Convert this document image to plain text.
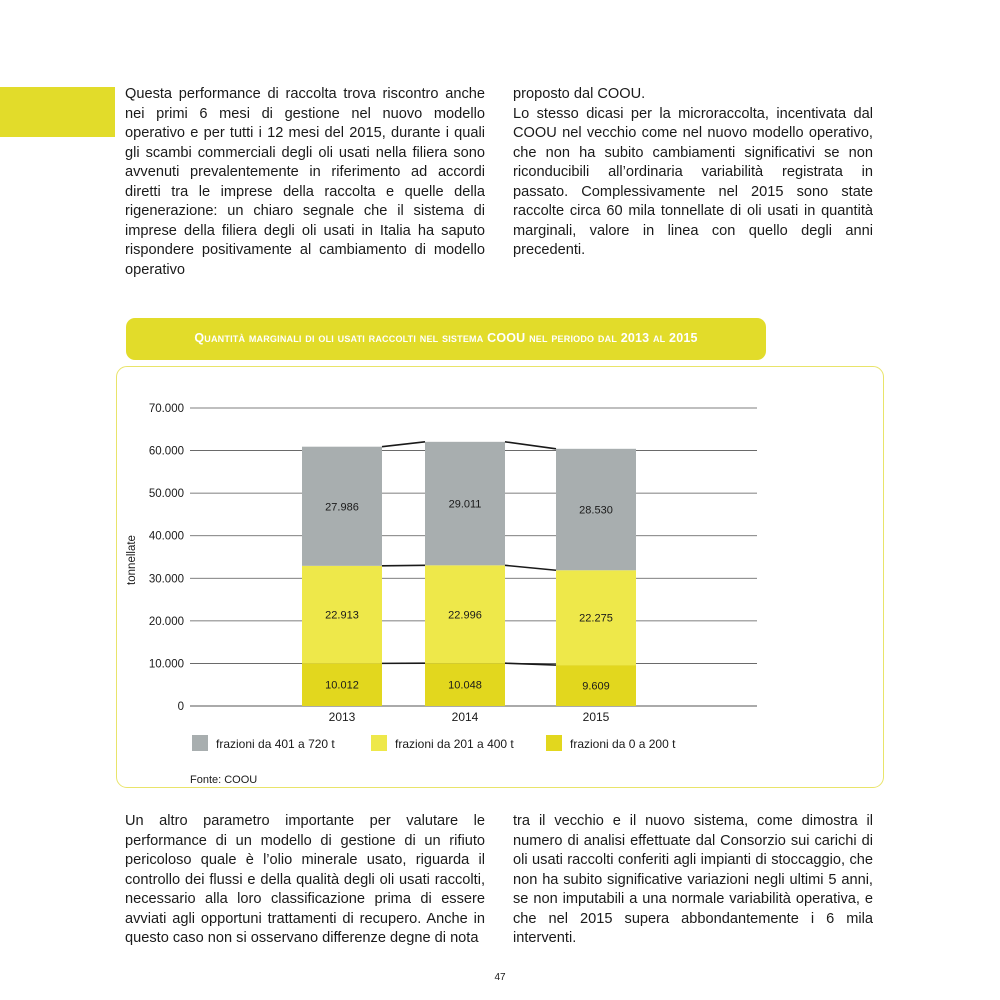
Questa performance di raccolta trova riscontro anche nei primi 6 mesi di gestione nel nuovo modello operativo e per tutti i 12 mesi del 2015, durante i quali gli scambi commerciali degli oli usati nella filiera sono avvenuti prevalentemente in riferimento ad accordi diretti tra le imprese della raccolta e quelle della rigenerazione: un chiaro segnale che il sistema di imprese della filiera degli oli usati in Italia ha saputo rispondere positivamente al cambiamento di modello operativo

proposto dal COOU.

Lo stesso dicasi per la microraccolta, incentivata dal COOU nel vecchio come nel nuovo modello operativo, che non ha subito cambiamenti significativi se non riconducibili all’ordinaria variabilità registrata in passato. Complessivamente nel 2015 sono state raccolte circa 60 mila tonnellate di oli usati in quantità marginali, valore in linea con quello degli anni precedenti.

Quantità marginali di oli usati raccolti nel sistema COOU nel periodo dal 2013 al 2015
0
10.000
20.000
30.000
40.000
50.000
60.000
70.000
tonnellate
10.012
22.913
27.986
2013
10.048
22.996
29.011
2014
9.609
22.275
28.530
2015
frazioni da 401 a 720 t	frazioni da 201 a 400 t	frazioni da 0 a 200 t
Fonte: COOU

Un altro parametro importante per valutare le performance di un modello di gestione di un rifiuto pericoloso quale è l’olio minerale usato, riguarda il controllo dei flussi e della qualità degli oli usati raccolti, necessario alla loro classificazione prima di essere avviati agli opportuni trattamenti di recupero. Anche in questo caso non si osservano differenze degne di nota

tra il vecchio e il nuovo sistema, come dimostra il numero di analisi effettuate dal Consorzio sui carichi di oli usati raccolti conferiti agli impianti di stoccaggio, che non ha subito significative variazioni negli ultimi 5 anni, se non imputabili a una normale variabilità operativa, e che nel 2015 supera abbondantemente i 6 mila interventi.

47
